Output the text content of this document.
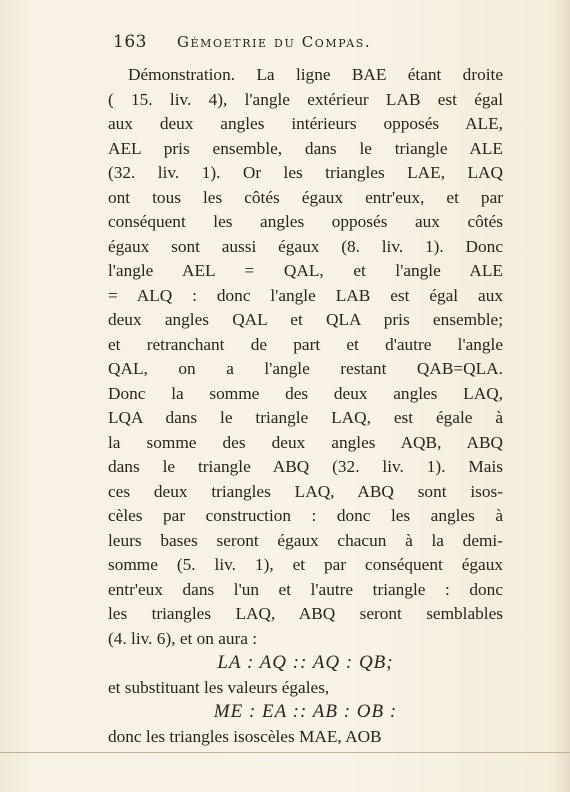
163 Gémoetrie du Compas.
Démonstration. La ligne BAE étant droite
( 15. liv. 4), l'angle extérieur LAB est égal
aux deux angles intérieurs opposés ALE,
AEL pris ensemble, dans le triangle ALE
(32. liv. 1). Or les triangles LAE, LAQ
ont tous les côtés égaux entr'eux, et par
conséquent les angles opposés aux côtés
égaux sont aussi égaux (8. liv. 1). Donc
l'angle AEL = QAL, et l'angle ALE
= ALQ : donc l'angle LAB est égal aux
deux angles QAL et QLA pris ensemble;
et retranchant de part et d'autre l'angle
QAL, on a l'angle restant QAB=QLA.
Donc la somme des deux angles LAQ,
LQA dans le triangle LAQ, est égale à
la somme des deux angles AQB, ABQ
dans le triangle ABQ (32. liv. 1). Mais
ces deux triangles LAQ, ABQ sont isos-
cèles par construction : donc les angles à
leurs bases seront égaux chacun à la demi-
somme (5. liv. 1), et par conséquent égaux
entr'eux dans l'un et l'autre triangle : donc
les triangles LAQ, ABQ seront semblables
(4. liv. 6), et on aura :
LA : AQ :: AQ : QB;
et substituant les valeurs égales,
ME : EA :: AB : OB :
donc les triangles isoscèles MAE, AOB
